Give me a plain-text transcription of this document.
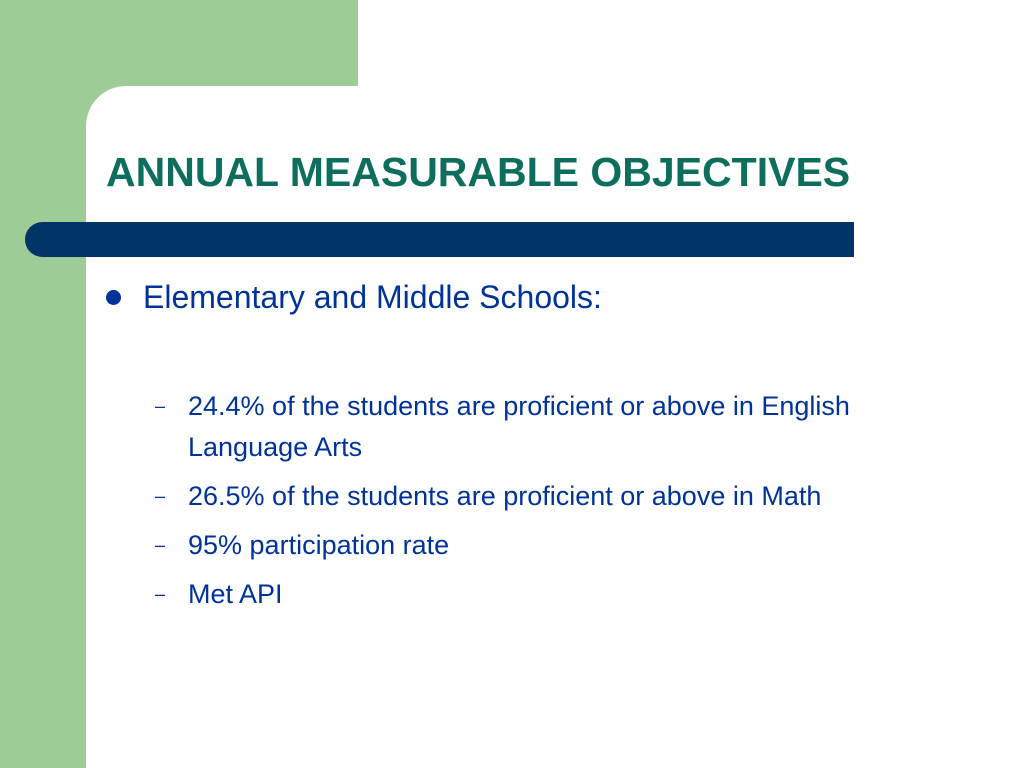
ANNUAL MEASURABLE OBJECTIVES
Elementary and Middle Schools:
– 24.4% of the students are proficient or above in English Language Arts
– 26.5% of the students are proficient or above in Math
– 95% participation rate
– Met API
